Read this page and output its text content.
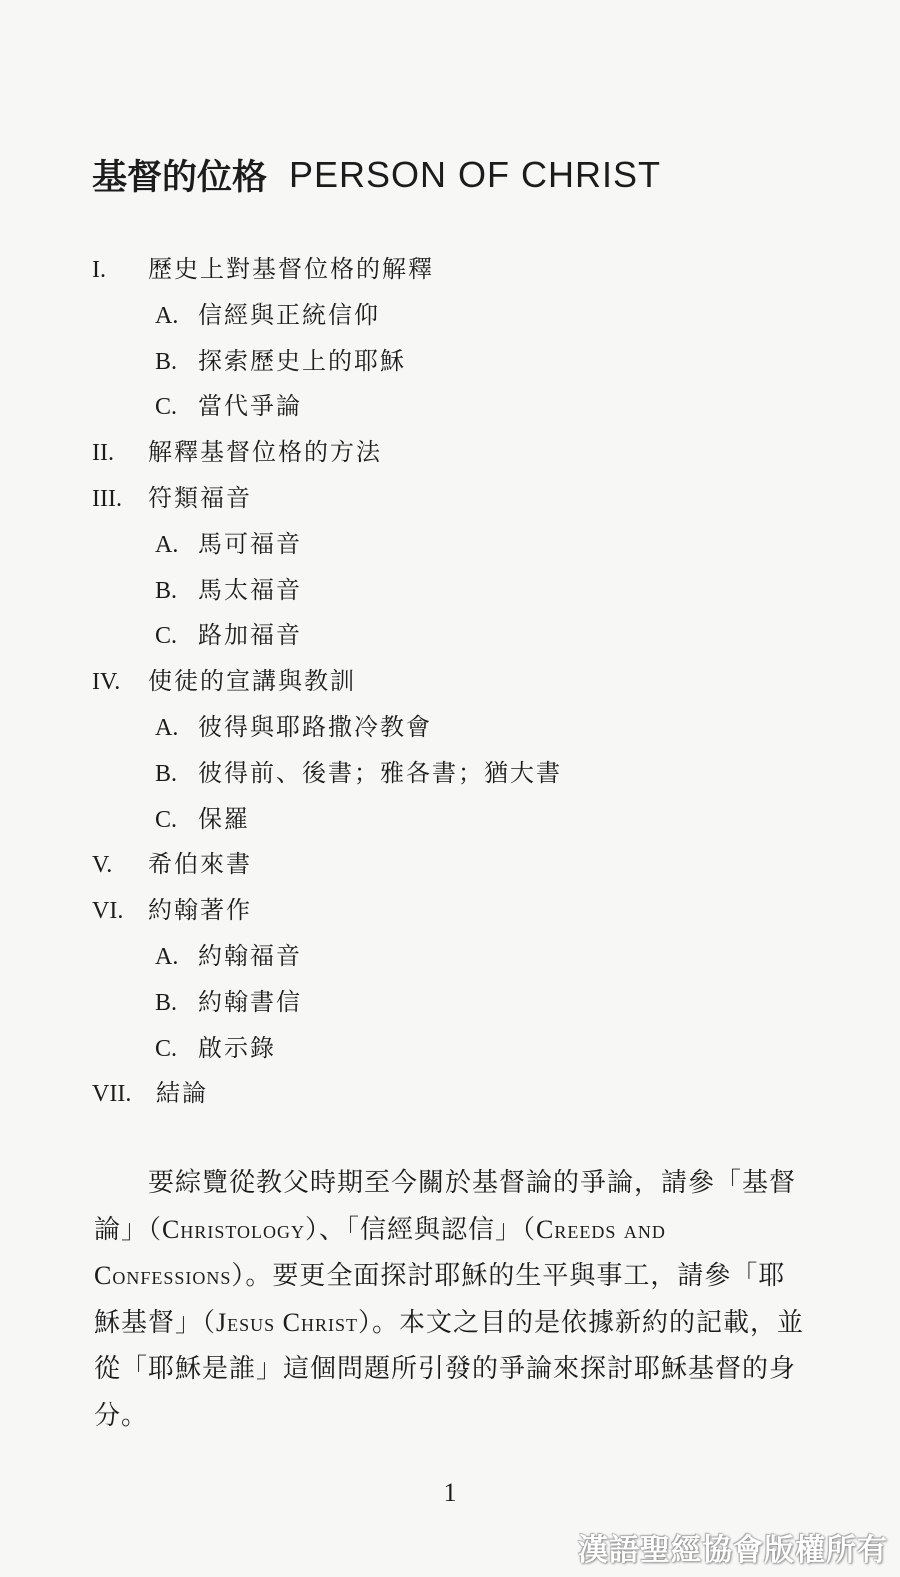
基督的位格 PERSON OF CHRIST
I. 歷史上對基督位格的解釋
A. 信經與正統信仰
B. 探索歷史上的耶穌
C. 當代爭論
II. 解釋基督位格的方法
III. 符類福音
A. 馬可福音
B. 馬太福音
C. 路加福音
IV. 使徒的宣講與教訓
A. 彼得與耶路撒冷教會
B. 彼得前、後書；雅各書；猶大書
C. 保羅
V. 希伯來書
VI. 約翰著作
A. 約翰福音
B. 約翰書信
C. 啟示錄
VII. 結論

　　要綜覽從教父時期至今關於基督論的爭論，請參「基督論」（Christology）、「信經與認信」（Creeds and Confessions）。要更全面探討耶穌的生平與事工，請參「耶穌基督」（Jesus Christ）。本文之目的是依據新約的記載，並從「耶穌是誰」這個問題所引發的爭論來探討耶穌基督的身分。

1
漢語聖經協會版權所有
